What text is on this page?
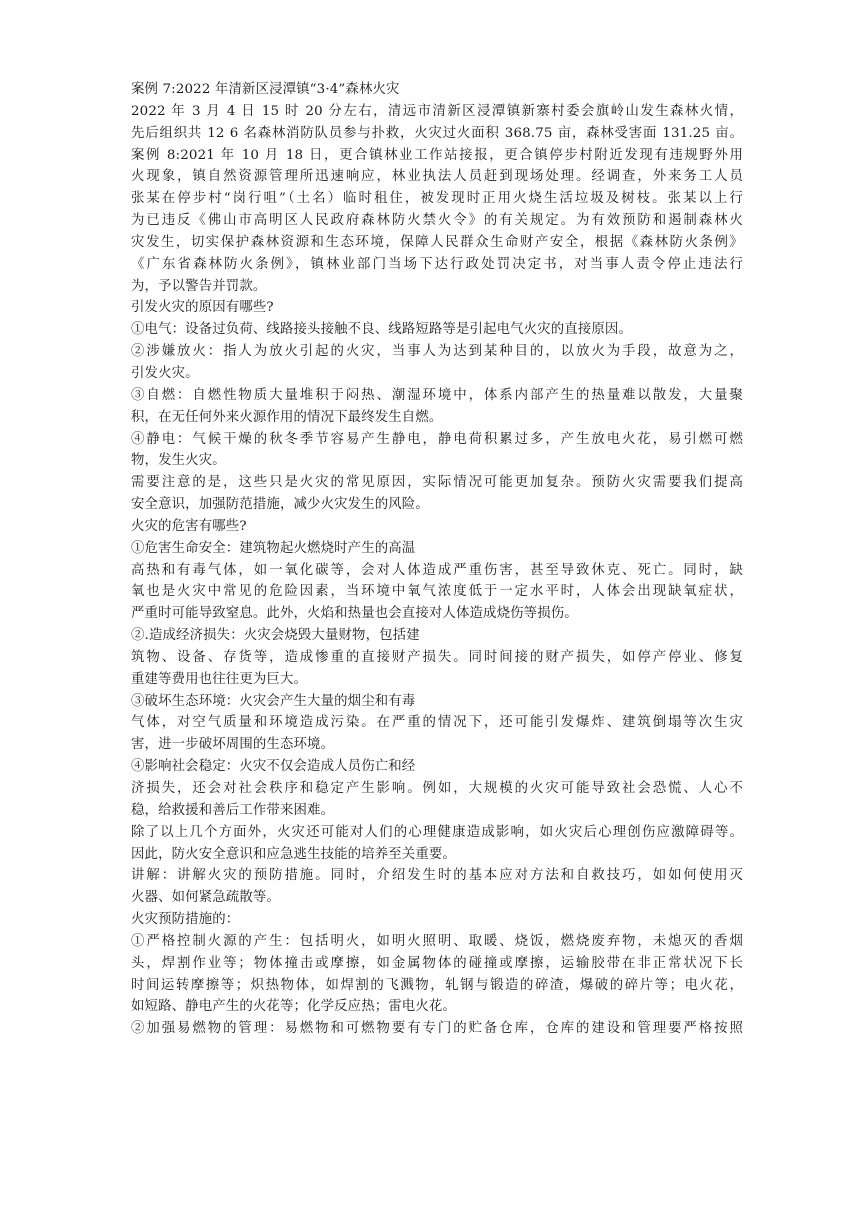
案例 7:2022 年清新区浸潭镇“3·4”森林火灾
2022 年 3 月 4 日 15 时 20 分左右，清远市清新区浸潭镇新寨村委会旗岭山发生森林火情，
先后组织共 12 6 名森林消防队员参与扑救，火灾过火面积 368.75 亩，森林受害面 131.25 亩。
案例 8:2021 年 10 月 18 日，更合镇林业工作站接报，更合镇停步村附近发现有违规野外用
火现象，镇自然资源管理所迅速响应，林业执法人员赶到现场处理。经调查，外来务工人员
张某在停步村“岗行咀”（土名）临时租住，被发现时正用火烧生活垃圾及树枝。张某以上行
为已违反《佛山市高明区人民政府森林防火禁火令》的有关规定。为有效预防和遏制森林火
灾发生，切实保护森林资源和生态环境，保障人民群众生命财产安全，根据《森林防火条例》
《广东省森林防火条例》，镇林业部门当场下达行政处罚决定书，对当事人责令停止违法行
为，予以警告并罚款。
引发火灾的原因有哪些?
①电气：设备过负荷、线路接头接触不良、线路短路等是引起电气火灾的直接原因。
②涉嫌放火：指人为放火引起的火灾，当事人为达到某种目的，以放火为手段，故意为之，
引发火灾。
③自燃：自燃性物质大量堆积于闷热、潮湿环境中，体系内部产生的热量难以散发，大量聚
积，在无任何外来火源作用的情况下最终发生自燃。
④静电：气候干燥的秋冬季节容易产生静电，静电荷积累过多，产生放电火花，易引燃可燃
物，发生火灾。
需要注意的是，这些只是火灾的常见原因，实际情况可能更加复杂。预防火灾需要我们提高
安全意识，加强防范措施，减少火灾发生的风险。
火灾的危害有哪些?
①危害生命安全：建筑物起火燃烧时产生的高温
高热和有毒气体，如一氧化碳等，会对人体造成严重伤害，甚至导致休克、死亡。同时，缺
氧也是火灾中常见的危险因素，当环境中氧气浓度低于一定水平时，人体会出现缺氧症状，
严重时可能导致窒息。此外，火焰和热量也会直接对人体造成烧伤等损伤。
②.造成经济损失：火灾会烧毁大量财物，包括建
筑物、设备、存货等，造成惨重的直接财产损失。同时间接的财产损失，如停产停业、修复
重建等费用也往往更为巨大。
③破坏生态环境：火灾会产生大量的烟尘和有毒
气体，对空气质量和环境造成污染。在严重的情况下，还可能引发爆炸、建筑倒塌等次生灾
害，进一步破坏周围的生态环境。
④影响社会稳定：火灾不仅会造成人员伤亡和经
济损失，还会对社会秩序和稳定产生影响。例如，大规模的火灾可能导致社会恐慌、人心不
稳，给救援和善后工作带来困难。
除了以上几个方面外，火灾还可能对人们的心理健康造成影响，如火灾后心理创伤应激障碍等。
因此，防火安全意识和应急逃生技能的培养至关重要。
讲解：讲解火灾的预防措施。同时，介绍发生时的基本应对方法和自救技巧，如如何使用灭
火器、如何紧急疏散等。
火灾预防措施的：
①严格控制火源的产生：包括明火，如明火照明、取暖、烧饭，燃烧废弃物，未熄灭的香烟
头，焊割作业等；物体撞击或摩擦，如金属物体的碰撞或摩擦，运输胶带在非正常状况下长
时间运转摩擦等；炽热物体，如焊割的飞溅物，轧钢与锻造的碎渣，爆破的碎片等；电火花，
如短路、静电产生的火花等；化学反应热；雷电火花。
②加强易燃物的管理：易燃物和可燃物要有专门的贮备仓库，仓库的建设和管理要严格按照
